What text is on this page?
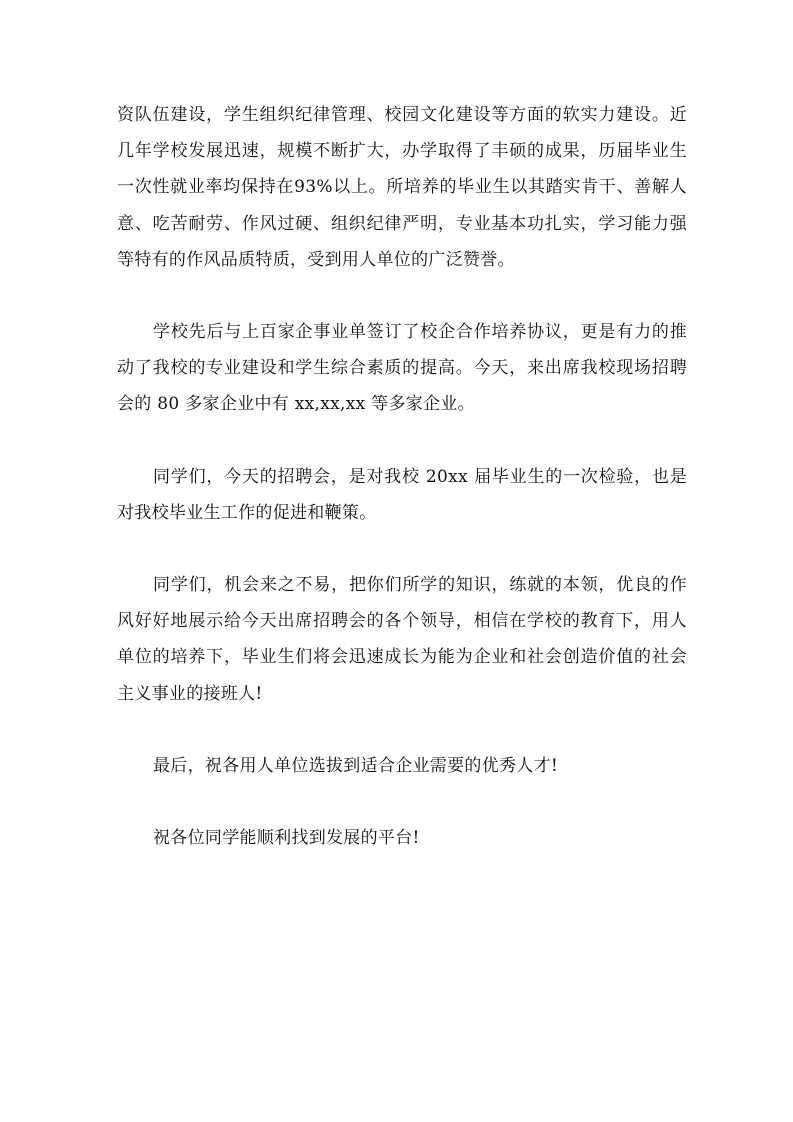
资队伍建设，学生组织纪律管理、校园文化建设等方面的软实力建设。近几年学校发展迅速，规模不断扩大，办学取得了丰硕的成果，历届毕业生一次性就业率均保持在93%以上。所培养的毕业生以其踏实肯干、善解人意、吃苦耐劳、作风过硬、组织纪律严明，专业基本功扎实，学习能力强等特有的作风品质特质，受到用人单位的广泛赞誉。

学校先后与上百家企事业单签订了校企合作培养协议，更是有力的推动了我校的专业建设和学生综合素质的提高。今天，来出席我校现场招聘会的 80 多家企业中有 xx,xx,xx 等多家企业。

同学们，今天的招聘会，是对我校 20xx 届毕业生的一次检验，也是对我校毕业生工作的促进和鞭策。

同学们，机会来之不易，把你们所学的知识，练就的本领，优良的作风好好地展示给今天出席招聘会的各个领导，相信在学校的教育下，用人单位的培养下，毕业生们将会迅速成长为能为企业和社会创造价值的社会主义事业的接班人!

最后，祝各用人单位选拔到适合企业需要的优秀人才!

祝各位同学能顺利找到发展的平台!
